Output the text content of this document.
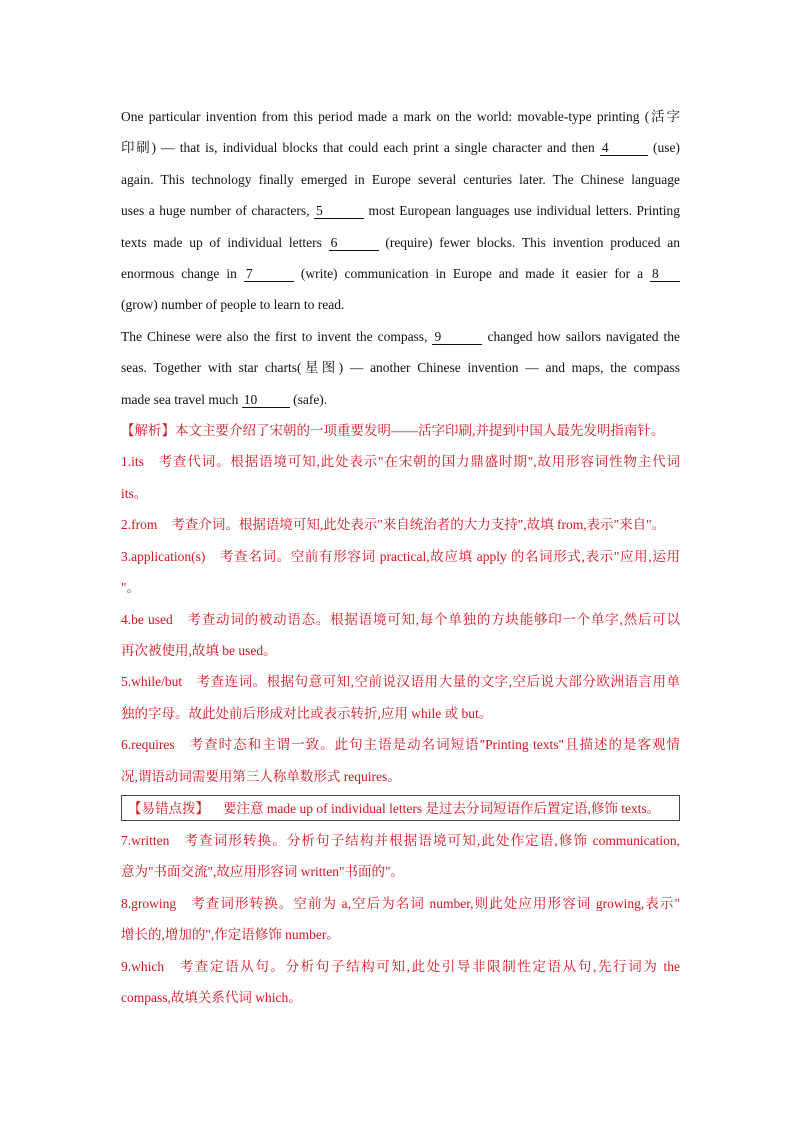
One particular invention from this period made a mark on the world: movable-type printing (活字

印刷) — that is, individual blocks that could each print a single character and then 4	(use)

again. This technology finally emerged in Europe several centuries later. The Chinese language

uses a huge number of characters, 5	most European languages use individual letters. Printing

texts made up of individual letters 6	(require) fewer blocks. This invention produced an

enormous change in 7	(write) communication in Europe and made it easier for a 8

(grow) number of people to learn to read.

The Chinese were also the first to invent the compass, 9	changed how sailors navigated the

seas. Together with star charts(星图) — another Chinese invention — and maps, the compass

made sea travel much 10	(safe).

【解析】本文主要介绍了宋朝的一项重要发明——活字印刷,并提到中国人最先发明指南针。

1.its 考查代词。根据语境可知,此处表示"在宋朝的国力鼎盛时期",故用形容词性物主代词

its。

2.from 考查介词。根据语境可知,此处表示"来自统治者的大力支持",故填 from,表示"来自"。

3.application(s) 考查名词。空前有形容词 practical,故应填 apply 的名词形式,表示"应用,运用

"。

4.be used 考查动词的被动语态。根据语境可知,每个单独的方块能够印一个单字,然后可以

再次被使用,故填 be used。

5.while/but 考查连词。根据句意可知,空前说汉语用大量的文字,空后说大部分欧洲语言用单

独的字母。故此处前后形成对比或表示转折,应用 while 或 but。

6.requires 考查时态和主谓一致。此句主语是动名词短语"Printing texts"且描述的是客观情

况,谓语动词需要用第三人称单数形式 requires。

【易错点拨】 要注意 made up of individual letters 是过去分词短语作后置定语,修饰 texts。

7.written 考查词形转换。分析句子结构并根据语境可知,此处作定语,修饰 communication,

意为"书面交流",故应用形容词 written"书面的"。

8.growing 考查词形转换。空前为 a,空后为名词 number,则此处应用形容词 growing,表示"

增长的,增加的",作定语修饰 number。

9.which 考查定语从句。分析句子结构可知,此处引导非限制性定语从句,先行词为 the

compass,故填关系代词 which。
